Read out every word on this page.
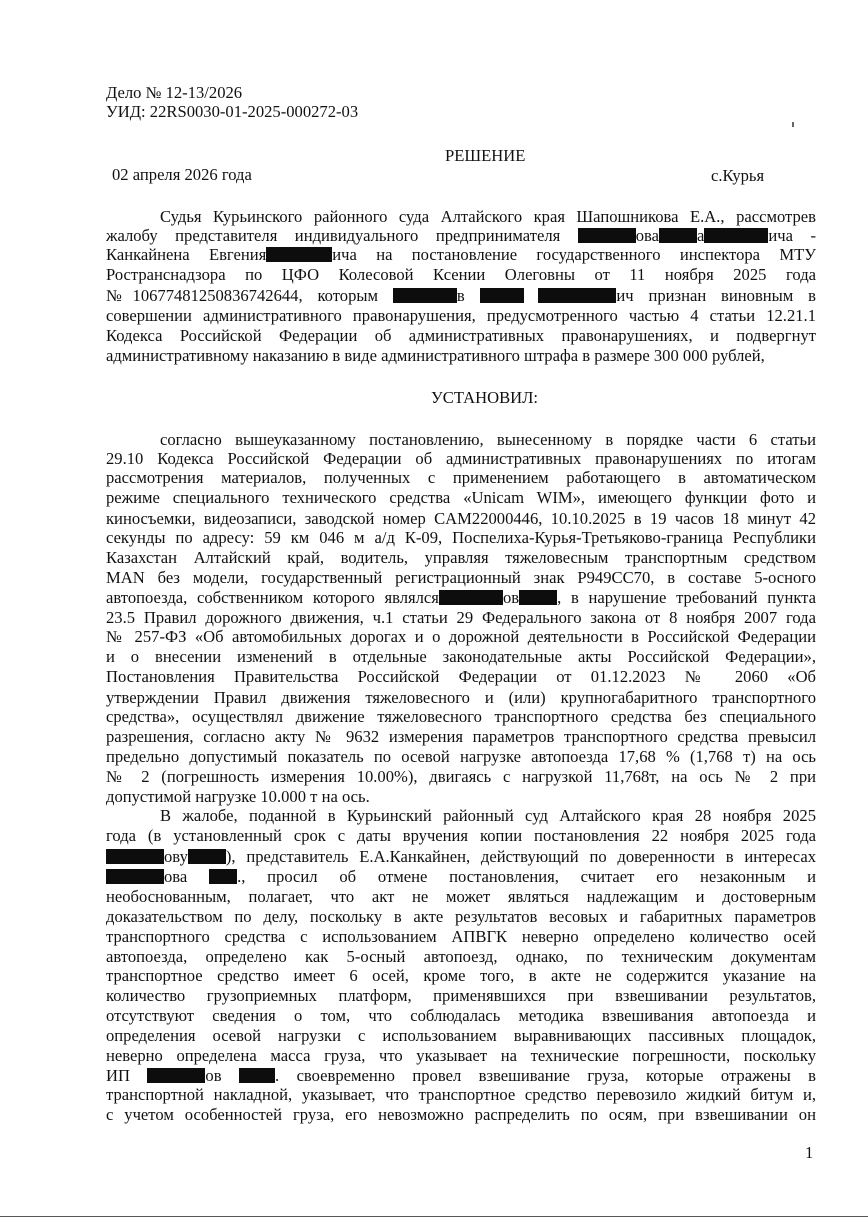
Дело № 12-13/2026
УИД: 22RS0030-01-2025-000272-03
РЕШЕНИЕ
02 апреля 2026 года	с.Курья
Судья Курьинского районного суда Алтайского края Шапошникова Е.А., рассмотрев
жалобу представителя индивидуального предпринимателя	ова а	ича -
Канкайнена Евгения	ича на постановление государственного инспектора МТУ
Ространснадзора по ЦФО Колесовой Ксении Олеговны от 11 ноября 2025 года
№10677481250836742644, которым	в	ич признан виновным в
совершении административного правонарушения, предусмотренного частью 4 статьи 12.21.1
Кодекса Российской Федерации об административных правонарушениях, и подвергнут
административному наказанию в виде административного штрафа в размере 300 000 рублей,
УСТАНОВИЛ:
согласно вышеуказанному постановлению, вынесенному в порядке части 6 статьи
29.10 Кодекса Российской Федерации об административных правонарушениях по итогам
рассмотрения материалов, полученных с применением работающего в автоматическом
режиме специального технического средства «Unicam WIM», имеющего функции фото и
киносъемки, видеозаписи, заводской номер CAM22000446, 10.10.2025 в 19 часов 18 минут 42
секунды по адресу: 59 км 046 м а/д К-09, Поспелиха-Курья-Третьяково-граница Республики
Казахстан Алтайский край, водитель, управляя тяжеловесным транспортным средством
MAN без модели, государственный регистрационный знак Р949СС70, в составе 5-осного
автопоезда, собственником которого являлся	ов , в нарушение требований пункта
23.5 Правил дорожного движения, ч.1 статьи 29 Федерального закона от 8 ноября 2007 года
№ 257-ФЗ «Об автомобильных дорогах и о дорожной деятельности в Российской Федерации
и о внесении изменений в отдельные законодательные акты Российской Федерации»,
Постановления Правительства Российской Федерации от 01.12.2023 № 2060 «Об
утверждении Правил движения тяжеловесного и (или) крупногабаритного транспортного
средства», осуществлял движение тяжеловесного транспортного средства без специального
разрешения, согласно акту № 9632 измерения параметров транспортного средства превысил
предельно допустимый показатель по осевой нагрузке автопоезда 17,68 % (1,768 т) на ось
№ 2 (погрешность измерения 10.00%), двигаясь с нагрузкой 11,768т, на ось № 2 при
допустимой нагрузке 10.000 т на ось.
В жалобе, поданной в Курьинский районный суд Алтайского края 28 ноября 2025
года (в установленный срок с даты вручения копии постановления 22 ноября 2025 года
ову ), представитель Е.А.Канкайнен, действующий по доверенности в интересах
ова ., просил об отмене постановления, считает его незаконным и
необоснованным, полагает, что акт не может являться надлежащим и достоверным
доказательством по делу, поскольку в акте результатов весовых и габаритных параметров
транспортного средства с использованием АПВГК неверно определено количество осей
автопоезда, определено как 5-осный автопоезд, однако, по техническим документам
транспортное средство имеет 6 осей, кроме того, в акте не содержится указание на
количество грузоприемных платформ, применявшихся при взвешивании результатов,
отсутствуют сведения о том, что соблюдалась методика взвешивания автопоезда и
определения осевой нагрузки с использованием выравнивающих пассивных площадок,
неверно определена масса груза, что указывает на технические погрешности, поскольку
ИП	ов . своевременно провел взвешивание груза, которые отражены в
транспортной накладной, указывает, что транспортное средство перевозило жидкий битум и,
с учетом особенностей груза, его невозможно распределить по осям, при взвешивании он
1
